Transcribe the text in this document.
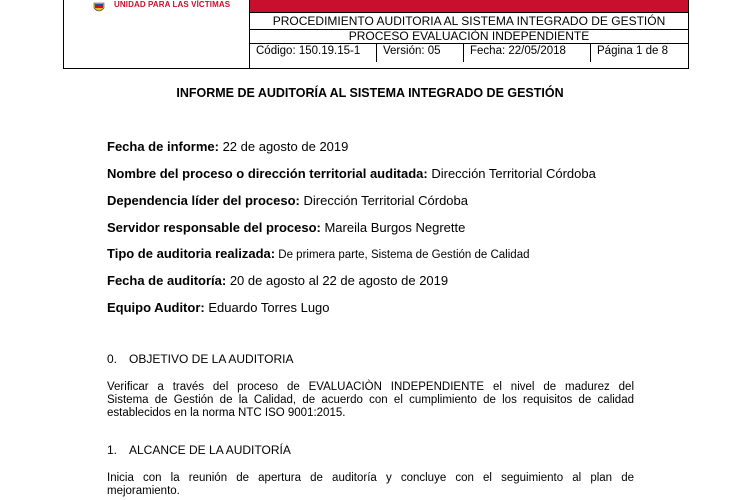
UNIDAD PARA LAS VÍCTIMAS
PROCEDIMIENTO AUDITORIA AL SISTEMA INTEGRADO DE GESTIÓN
PROCESO EVALUACIÒN INDEPENDIENTE
Código: 150.19.15-1	Versión: 05	Fecha: 22/05/2018	Página 1 de 8
INFORME DE AUDITORÍA AL SISTEMA INTEGRADO DE GESTIÓN
Fecha de informe: 22 de agosto de 2019
Nombre del proceso o dirección territorial auditada: Dirección Territorial Córdoba
Dependencia líder del proceso: Dirección Territorial Córdoba
Servidor responsable del proceso: Mareila Burgos Negrette
Tipo de auditoria realizada: De primera parte, Sistema de Gestión de Calidad
Fecha de auditoría: 20 de agosto al 22 de agosto de 2019
Equipo Auditor: Eduardo Torres Lugo
0. OBJETIVO DE LA AUDITORIA
Verificar a través del proceso de EVALUACIÒN INDEPENDIENTE el nivel de madurez del
Sistema de Gestión de la Calidad, de acuerdo con el cumplimiento de los requisitos de calidad
establecidos en la norma NTC ISO 9001:2015.
1. ALCANCE DE LA AUDITORÍA
Inicia con la reunión de apertura de auditoría y concluye con el seguimiento al plan de
mejoramiento.
